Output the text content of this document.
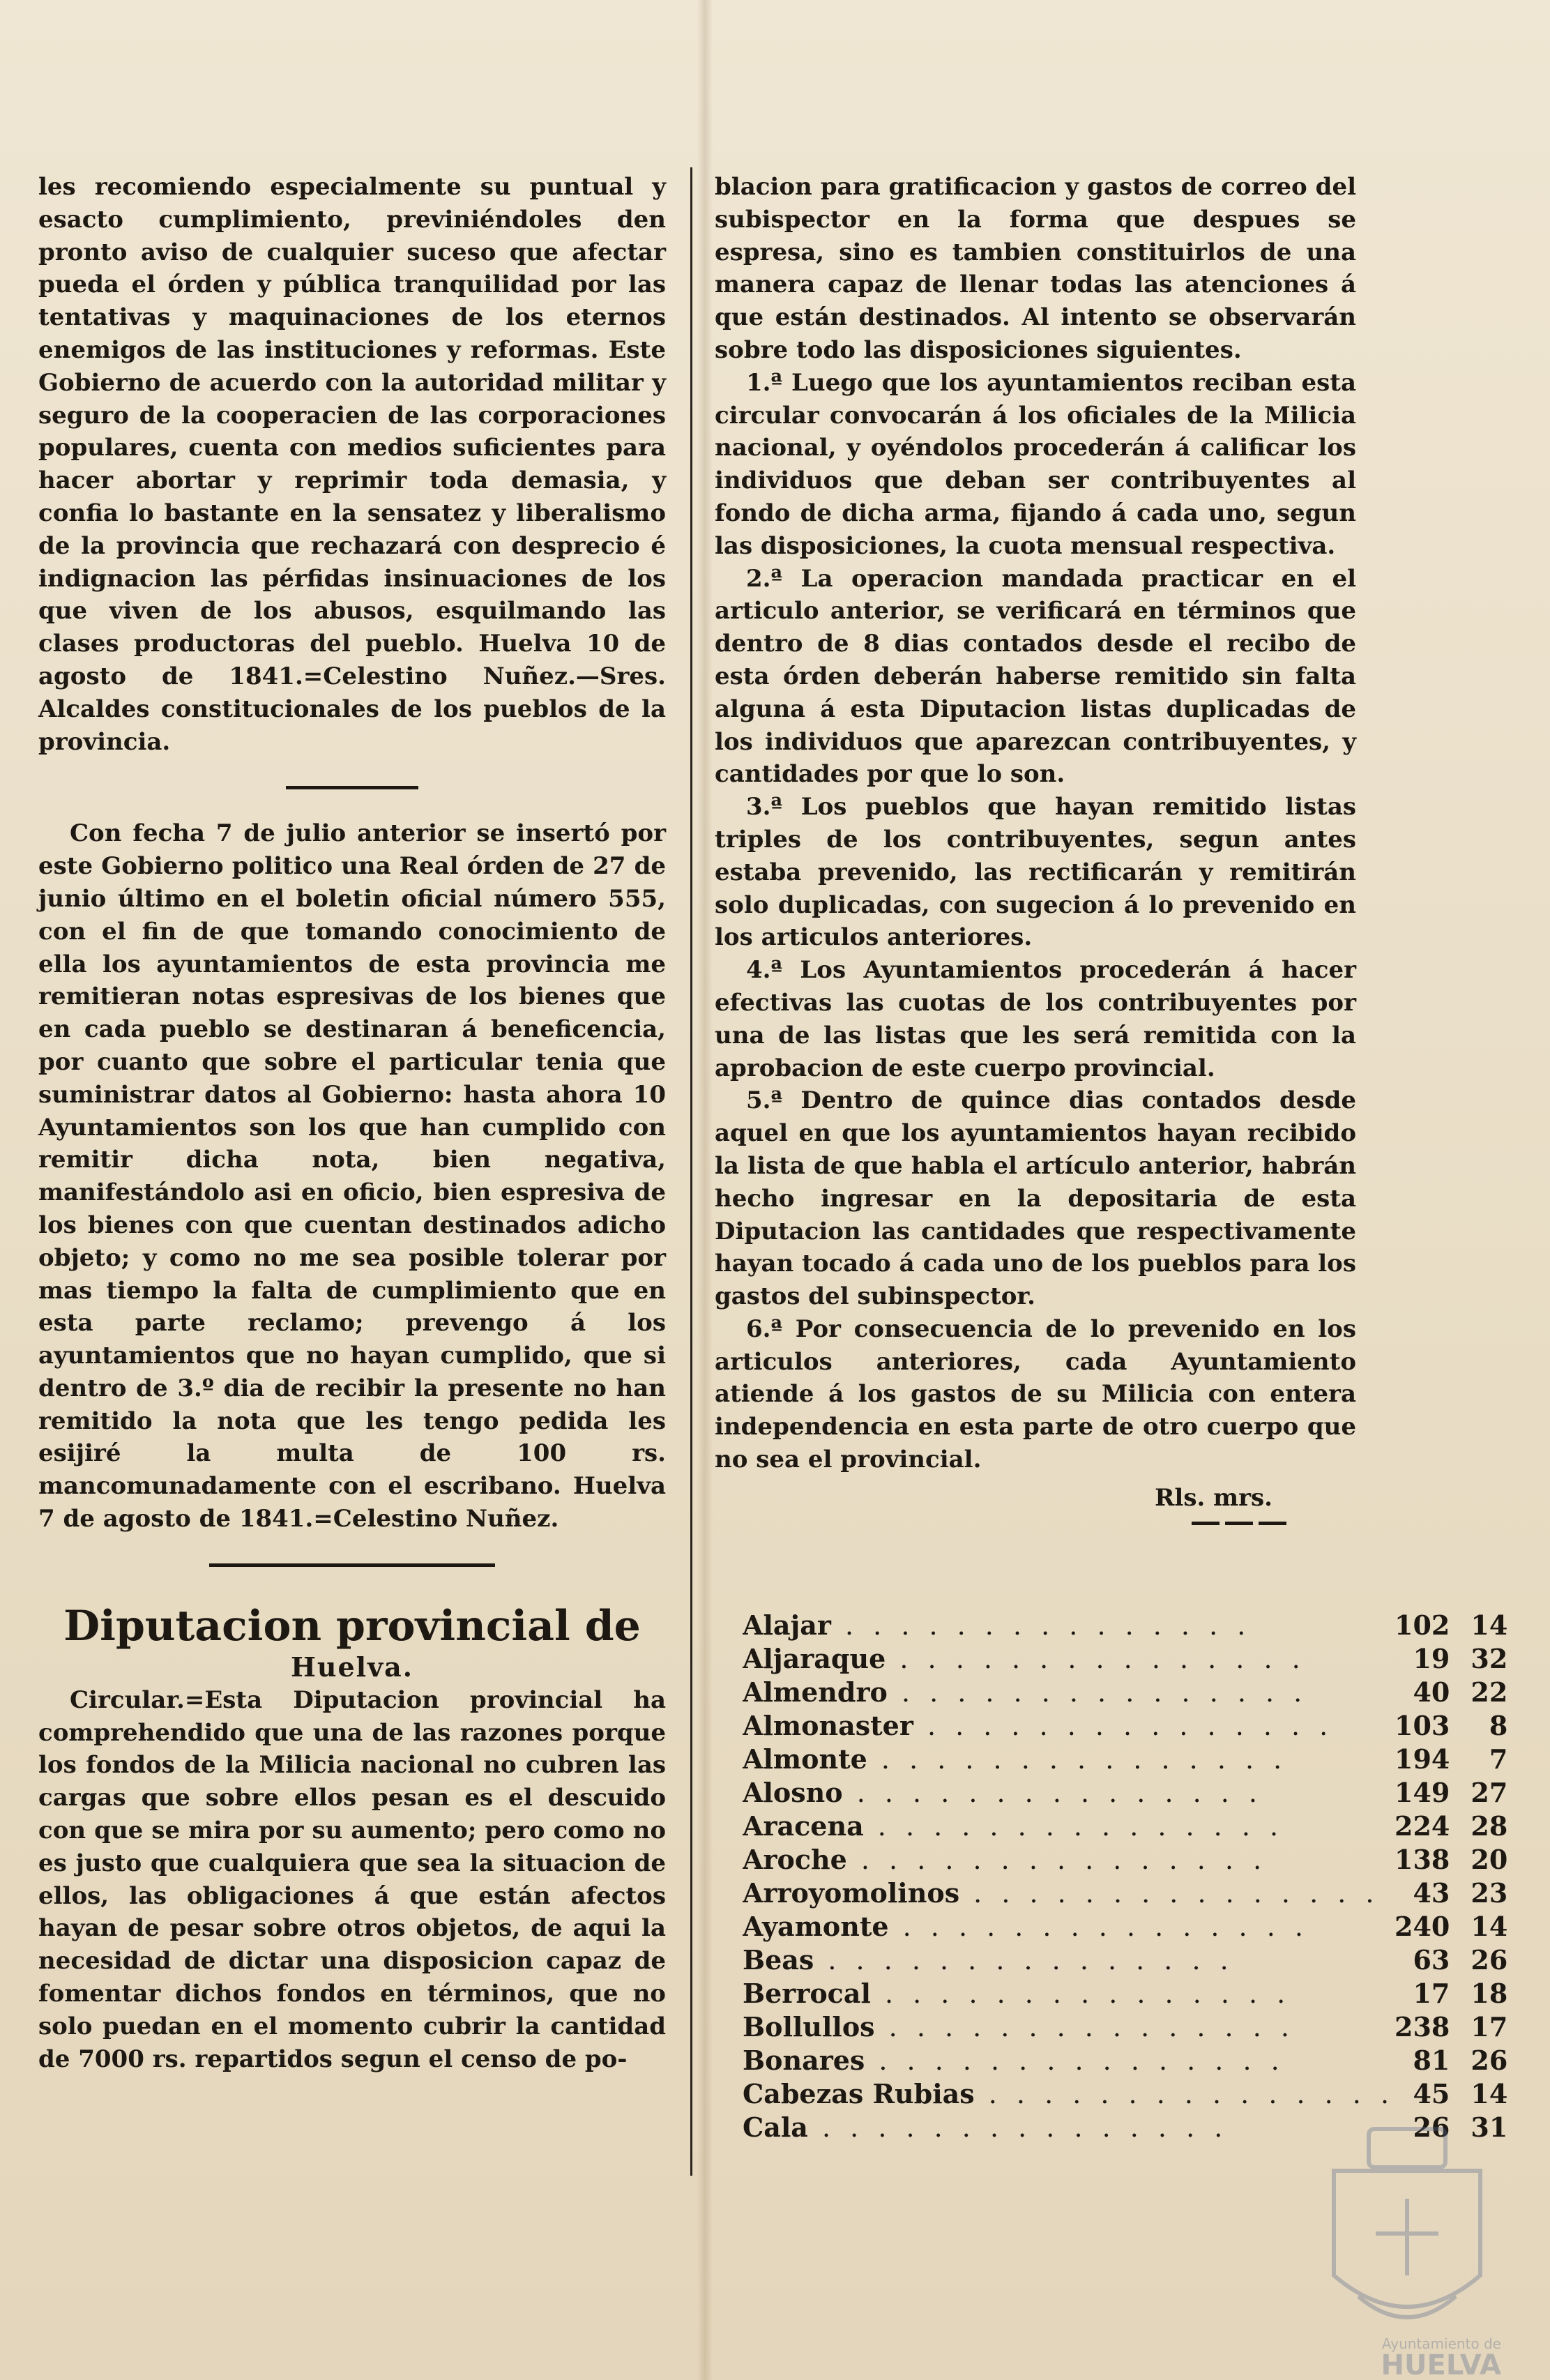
les recomiendo especialmente su puntual y esacto cumplimiento, previniéndoles den pronto aviso de cualquier suceso que afectar pueda el órden y pública tranquilidad por las tentativas y maquinaciones de los eternos enemigos de las instituciones y reformas. Este Gobierno de acuerdo con la autoridad militar y seguro de la cooperacien de las corporaciones populares, cuenta con medios suficientes para hacer abortar y reprimir toda demasia, y confia lo bastante en la sensatez y liberalismo de la provincia que rechazará con desprecio é indignacion las pérfidas insinuaciones de los que viven de los abusos, esquilmando las clases productoras del pueblo. Huelva 10 de agosto de 1841.=Celestino Nuñez.—Sres. Alcaldes constitucionales de los pueblos de la provincia.

Con fecha 7 de julio anterior se insertó por este Gobierno politico una Real órden de 27 de junio último en el boletin oficial número 555, con el fin de que tomando conocimiento de ella los ayuntamientos de esta provincia me remitieran notas espresivas de los bienes que en cada pueblo se destinaran á beneficencia, por cuanto que sobre el particular tenia que suministrar datos al Gobierno: hasta ahora 10 Ayuntamientos son los que han cumplido con remitir dicha nota, bien negativa, manifestándolo asi en oficio, bien espresiva de los bienes con que cuentan destinados adicho objeto; y como no me sea posible tolerar por mas tiempo la falta de cumplimiento que en esta parte reclamo; prevengo á los ayuntamientos que no hayan cumplido, que si dentro de 3.º dia de recibir la presente no han remitido la nota que les tengo pedida les esijiré la multa de 100 rs. mancomunadamente con el escribano. Huelva 7 de agosto de 1841.=Celestino Nuñez.

Diputacion provincial de

Huelva.

Circular.=Esta Diputacion provincial ha comprehendido que una de las razones porque los fondos de la Milicia nacional no cubren las cargas que sobre ellos pesan es el descuido con que se mira por su aumento; pero como no es justo que cualquiera que sea la situacion de ellos, las obligaciones á que están afectos hayan de pesar sobre otros objetos, de aqui la necesidad de dictar una disposicion capaz de fomentar dichos fondos en términos, que no solo puedan en el momento cubrir la cantidad de 7000 rs. repartidos segun el censo de po-

blacion para gratificacion y gastos de correo del subispector en la forma que despues se espresa, sino es tambien constituirlos de una manera capaz de llenar todas las atenciones á que están destinados. Al intento se observarán sobre todo las disposiciones siguientes.

1.ª Luego que los ayuntamientos reciban esta circular convocarán á los oficiales de la Milicia nacional, y oyéndolos procederán á calificar los individuos que deban ser contribuyentes al fondo de dicha arma, fijando á cada uno, segun las disposiciones, la cuota mensual respectiva.

2.ª La operacion mandada practicar en el articulo anterior, se verificará en términos que dentro de 8 dias contados desde el recibo de esta órden deberán haberse remitido sin falta alguna á esta Diputacion listas duplicadas de los individuos que aparezcan contribuyentes, y cantidades por que lo son.

3.ª Los pueblos que hayan remitido listas triples de los contribuyentes, segun antes estaba prevenido, las rectificarán y remitirán solo duplicadas, con sugecion á lo prevenido en los articulos anteriores.

4.ª Los Ayuntamientos procederán á hacer efectivas las cuotas de los contribuyentes por una de las listas que les será remitida con la aprobacion de este cuerpo provincial.

5.ª Dentro de quince dias contados desde aquel en que los ayuntamientos hayan recibido la lista de que habla el artículo anterior, habrán hecho ingresar en la depositaria de esta Diputacion las cantidades que respectivamente hayan tocado á cada uno de los pueblos para los gastos del subinspector.

6.ª Por consecuencia de lo prevenido en los articulos anteriores, cada Ayuntamiento atiende á los gastos de su Milicia con entera independencia en esta parte de otro cuerpo que no sea el provincial.

Rls. mrs.
Alajar . . . . . . . . . . . . . . .	102	14
Aljaraque . . . . . . . . . . . . . . .	19	32
Almendro . . . . . . . . . . . . . . .	40	22
Almonaster . . . . . . . . . . . . . . .	103	8
Almonte . . . . . . . . . . . . . . .	194	7
Alosno . . . . . . . . . . . . . . .	149	27
Aracena . . . . . . . . . . . . . . .	224	28
Aroche . . . . . . . . . . . . . . .	138	20
Arroyomolinos . . . . . . . . . . . . . . .	43	23
Ayamonte . . . . . . . . . . . . . . .	240	14
Beas . . . . . . . . . . . . . . .	63	26
Berrocal . . . . . . . . . . . . . . .	17	18
Bollullos . . . . . . . . . . . . . . .	238	17
Bonares . . . . . . . . . . . . . . .	81	26
Cabezas Rubias . . . . . . . . . . . . . . .	45	14
Cala . . . . . . . . . . . . . . .	26	31
Ayuntamiento de
HUELVA
